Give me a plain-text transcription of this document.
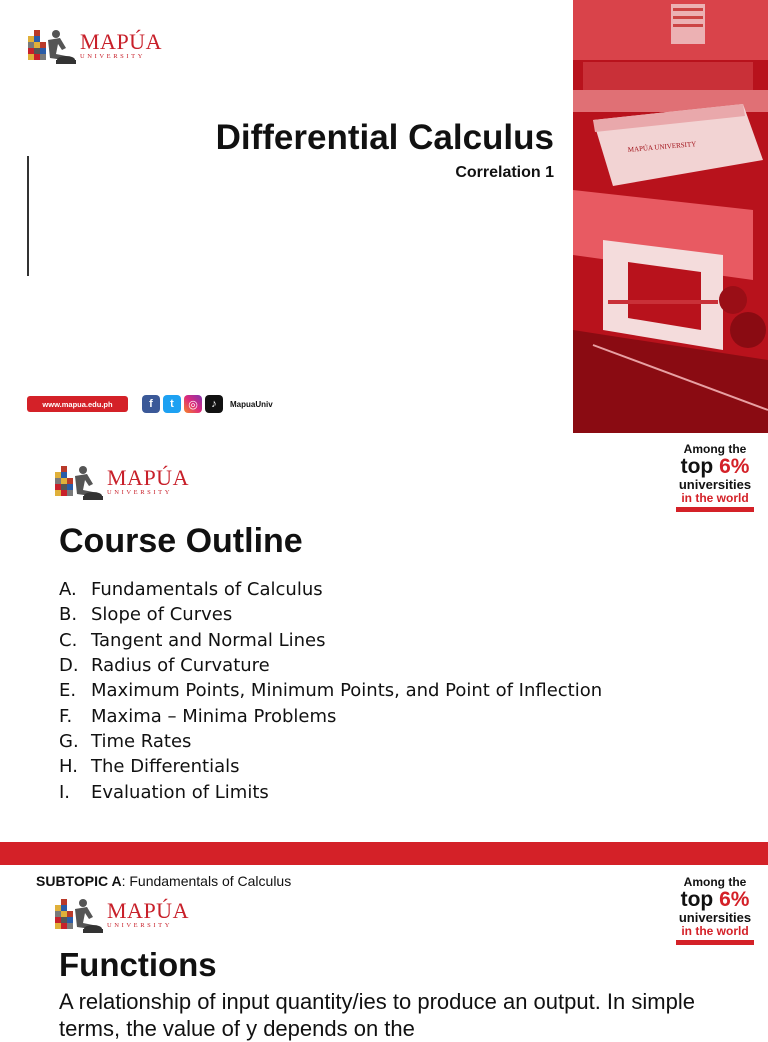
MAPÚA
UNIVERSITY
Differential Calculus
Correlation 1
MAPÚA UNIVERSITY
www.mapua.edu.ph	f	t	◎	♪	MapuaUniv
MAPÚA
UNIVERSITY
Among the
top 6%
universities
in the world
Course Outline
A. Fundamentals of Calculus
B. Slope of Curves
C. Tangent and Normal Lines
D. Radius of Curvature
E. Maximum Points, Minimum Points, and Point of Inflection
F.	Maxima – Minima Problems
G. Time Rates
H. The Differentials
I.	Evaluation of Limits
SUBTOPIC A: Fundamentals of Calculus
MAPÚA
UNIVERSITY
Among the
top 6%
universities
in the world
Functions

A relationship of input quantity/ies to produce an output. In simple terms, the value of y depends on the
